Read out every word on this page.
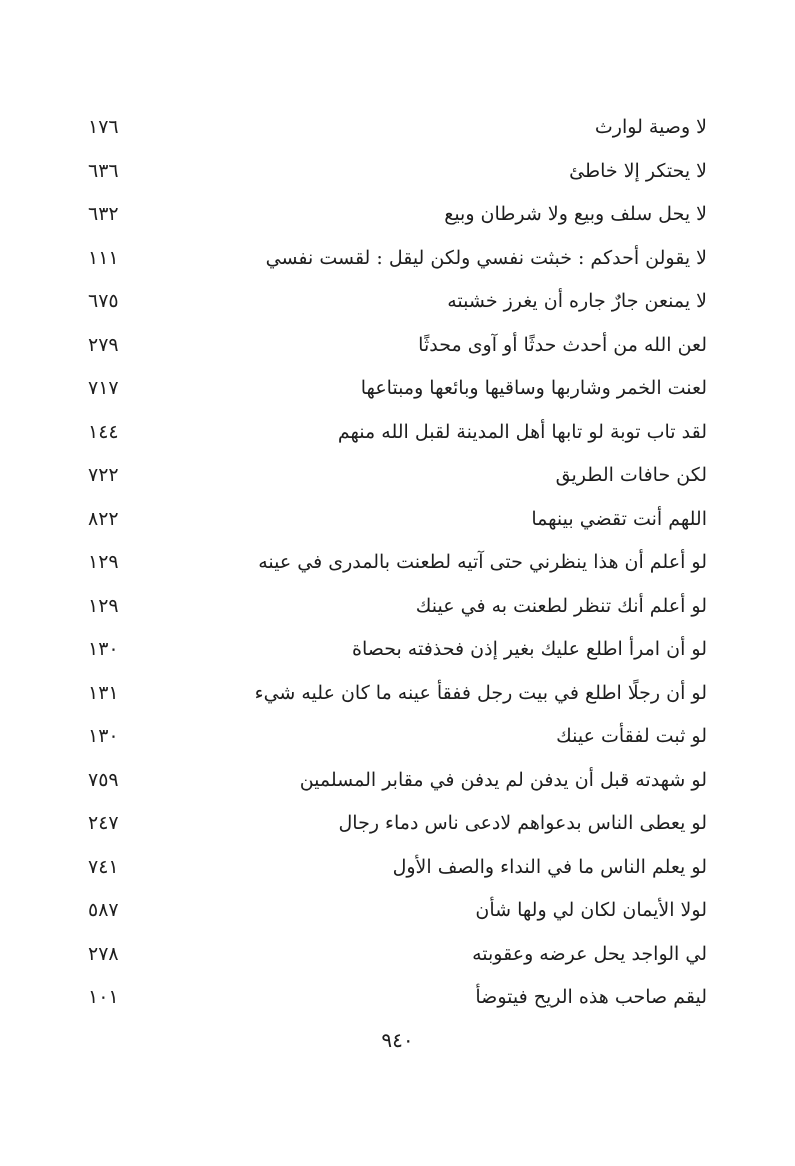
لا وصية لوارث
١٧٦
لا يحتكر إلا خاطئ
٦٣٦
لا يحل سلف وبيع ولا شرطان وبيع
٦٣٢
لا يقولن أحدكم : خبثت نفسي ولكن ليقل : لقست نفسي
١١١
لا يمنعن جارٌ جاره أن يغرز خشبته
٦٧٥
لعن الله من أحدث حدثًا أو آوى محدثًا
٢٧٩
لعنت الخمر وشاربها وساقيها وبائعها ومبتاعها
٧١٧
لقد تاب توبة لو تابها أهل المدينة لقبل الله منهم
١٤٤
لكن حافات الطريق
٧٢٢
اللهم أنت تقضي بينهما
٨٢٢
لو أعلم أن هذا ينظرني حتى آتيه لطعنت بالمدرى في عينه
١٢٩
لو أعلم أنك تنظر لطعنت به في عينك
١٢٩
لو أن امرأ اطلع عليك بغير إذن فحذفته بحصاة
١٣٠
لو أن رجلًا اطلع في بيت رجل ففقأ عينه ما كان عليه شيء
١٣١
لو ثبت لفقأت عينك
١٣٠
لو شهدته قبل أن يدفن لم يدفن في مقابر المسلمين
٧٥٩
لو يعطى الناس بدعواهم لادعى ناس دماء رجال
٢٤٧
لو يعلم الناس ما في النداء والصف الأول
٧٤١
لولا الأيمان لكان لي ولها شأن
٥٨٧
لي الواجد يحل عرضه وعقوبته
٢٧٨
ليقم صاحب هذه الريح فيتوضأ
١٠١
٩٤٠
